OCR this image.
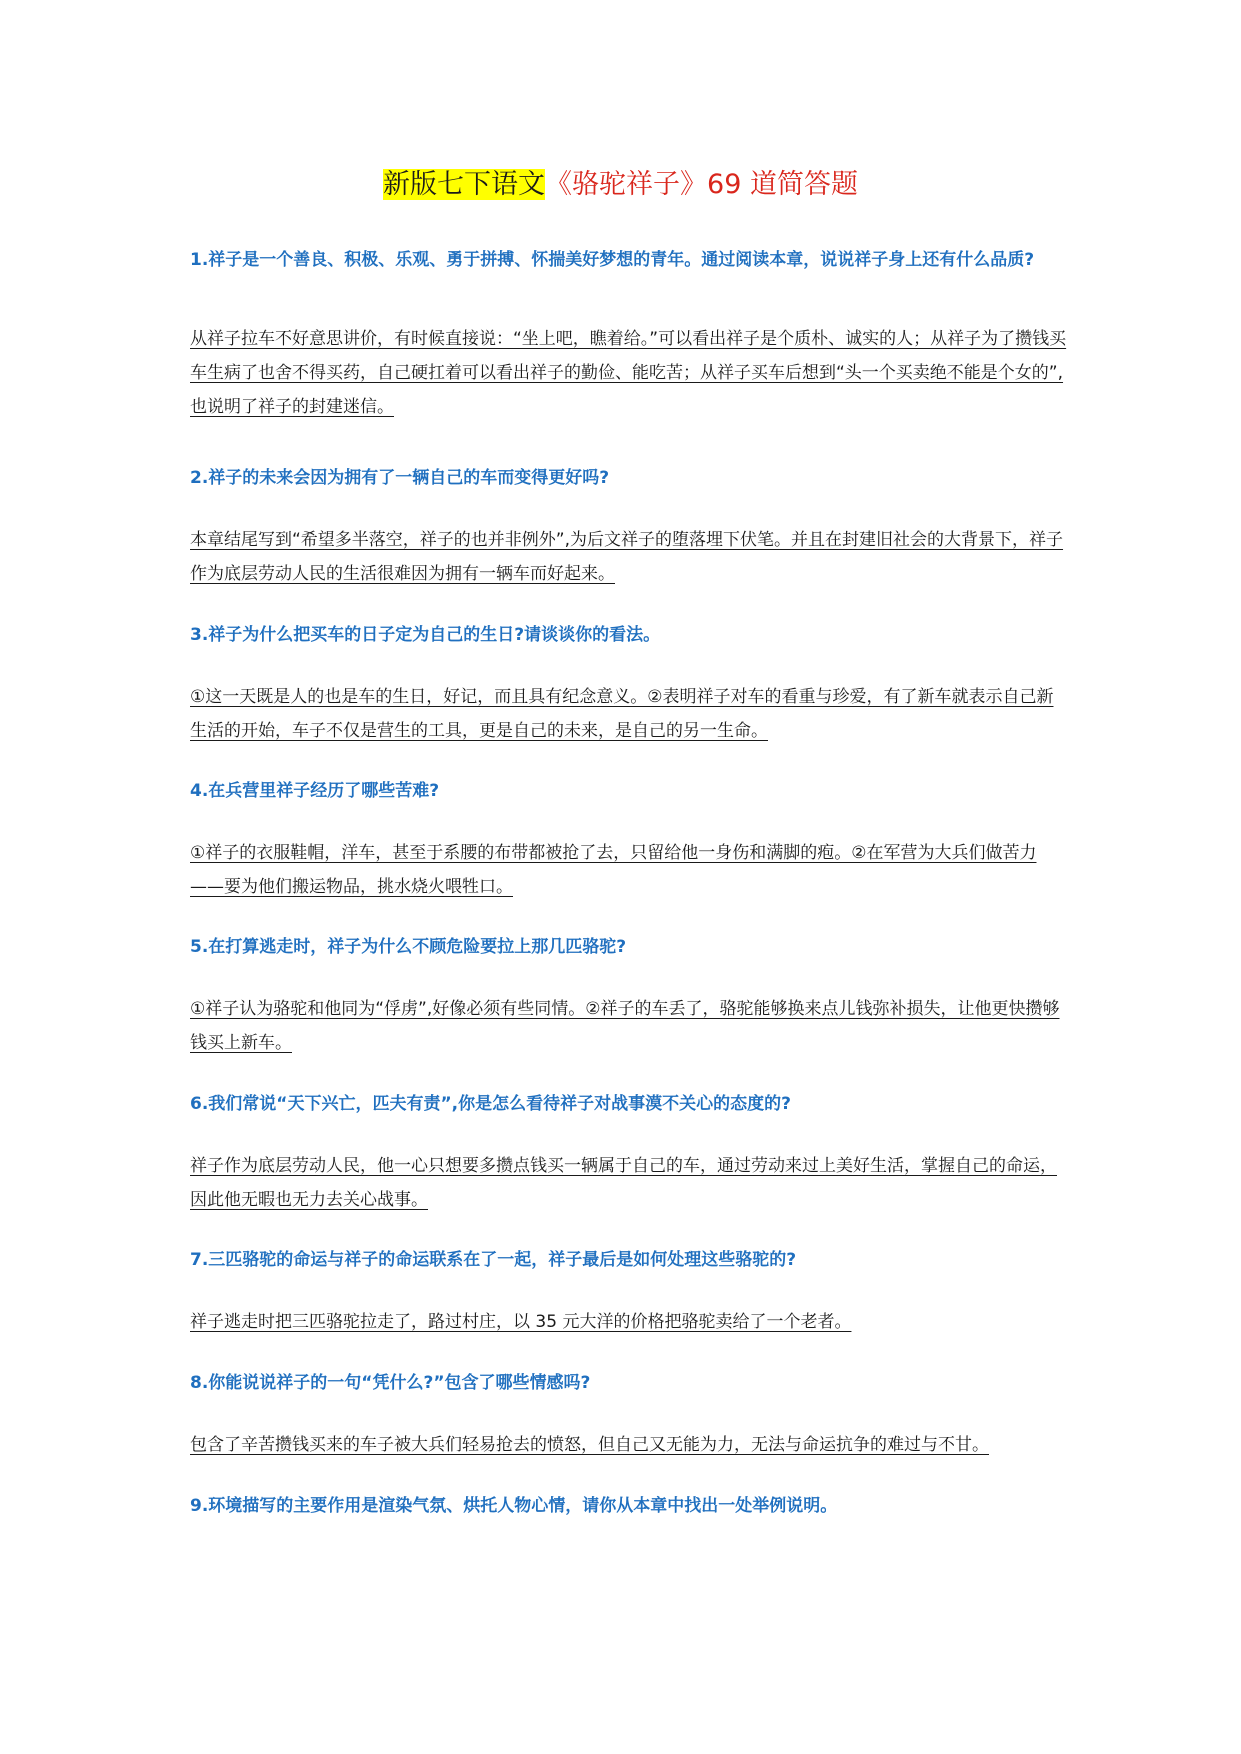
新版七下语文《骆驼祥子》69 道简答题

1.祥子是一个善良、积极、乐观、勇于拼搏、怀揣美好梦想的青年。通过阅读本章，说说祥子身上还有什么品质?

从祥子拉车不好意思讲价，有时候直接说：“坐上吧，瞧着给。”可以看出祥子是个质朴、诚实的人；从祥子为了攒钱买车生病了也舍不得买药，自己硬扛着可以看出祥子的勤俭、能吃苦；从祥子买车后想到“头一个买卖绝不能是个女的”,也说明了祥子的封建迷信。

2.祥子的未来会因为拥有了一辆自己的车而变得更好吗?

本章结尾写到“希望多半落空，祥子的也并非例外”,为后文祥子的堕落埋下伏笔。并且在封建旧社会的大背景下，祥子作为底层劳动人民的生活很难因为拥有一辆车而好起来。

3.祥子为什么把买车的日子定为自己的生日?请谈谈你的看法。

①这一天既是人的也是车的生日，好记，而且具有纪念意义。②表明祥子对车的看重与珍爱，有了新车就表示自己新生活的开始，车子不仅是营生的工具，更是自己的未来，是自己的另一生命。

4.在兵营里祥子经历了哪些苦难?

①祥子的衣服鞋帽，洋车，甚至于系腰的布带都被抢了去，只留给他一身伤和满脚的疱。②在军营为大兵们做苦力——要为他们搬运物品，挑水烧火喂牲口。

5.在打算逃走时，祥子为什么不顾危险要拉上那几匹骆驼?

①祥子认为骆驼和他同为“俘虏”,好像必须有些同情。②祥子的车丢了，骆驼能够换来点儿钱弥补损失，让他更快攒够钱买上新车。

6.我们常说“天下兴亡，匹夫有责”,你是怎么看待祥子对战事漠不关心的态度的?

祥子作为底层劳动人民，他一心只想要多攒点钱买一辆属于自己的车，通过劳动来过上美好生活，掌握自己的命运，因此他无暇也无力去关心战事。

7.三匹骆驼的命运与祥子的命运联系在了一起，祥子最后是如何处理这些骆驼的?

祥子逃走时把三匹骆驼拉走了，路过村庄，以 35 元大洋的价格把骆驼卖给了一个老者。

8.你能说说祥子的一句“凭什么?”包含了哪些情感吗?

包含了辛苦攒钱买来的车子被大兵们轻易抢去的愤怒，但自己又无能为力，无法与命运抗争的难过与不甘。

9.环境描写的主要作用是渲染气氛、烘托人物心情，请你从本章中找出一处举例说明。
